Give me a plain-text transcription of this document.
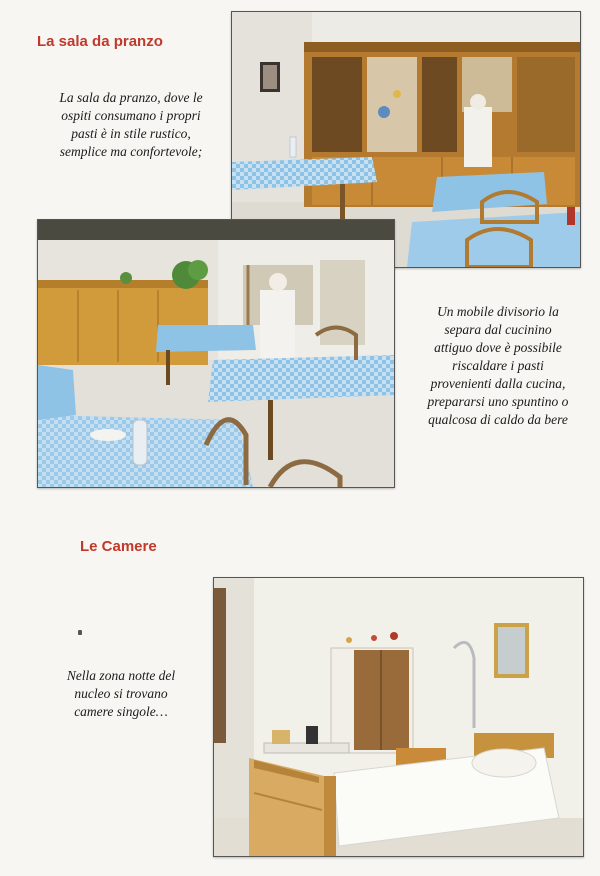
La sala da pranzo
La sala da pranzo, dove le
ospiti consumano i propri
pasti è in stile rustico,
semplice ma confortevole;
Un mobile divisorio la
separa dal cucinino
attiguo dove è possibile
riscaldare i pasti
provenienti dalla cucina,
prepararsi uno spuntino o
qualcosa di caldo da bere
Le Camere
Nella zona notte del
nucleo si trovano
camere singole…
